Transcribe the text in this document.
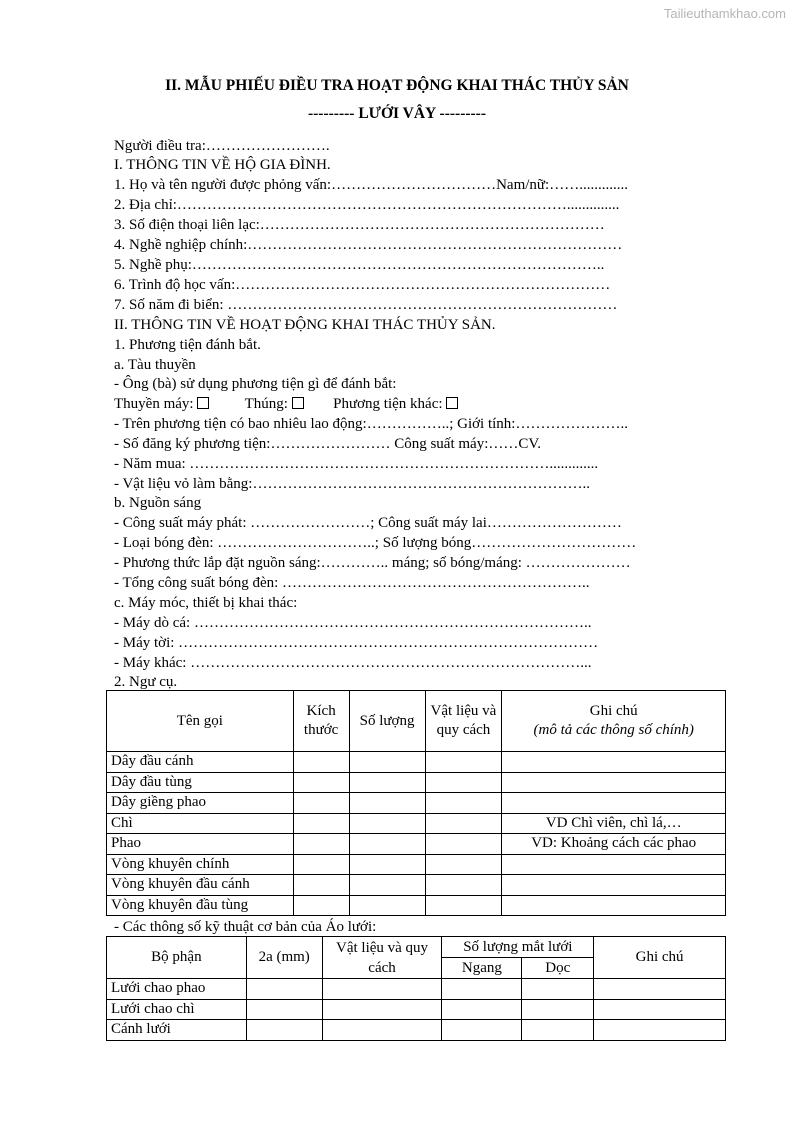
Tailieuthamkhao.com
II. MẪU PHIẾU ĐIỀU TRA HOẠT ĐỘNG KHAI THÁC THỦY SẢN
--------- LƯỚI VÂY ---------
Người điều tra:…………………….
I. THÔNG TIN VỀ HỘ GIA ĐÌNH.
1. Họ và tên người được phỏng vấn:……………………………Nam/nữ:…….............
2. Địa chỉ:……………………………………………………………………..............
3. Số điện thoại liên lạc:……………………………………………………………
4. Nghề nghiệp chính:…………………………………………………………………
5. Nghề phụ:………………………………………………………………………..
6. Trình độ học vấn:…………………………………………………………………
7. Số năm đi biển: ……………………………………………………………………
II. THÔNG TIN VỀ HOẠT ĐỘNG KHAI THÁC THỦY SẢN.
1. Phương tiện đánh bắt.
a. Tàu thuyền
- Ông (bà) sử dụng phương tiện gì để đánh bắt:
Thuyền máy:	Thúng:	Phương tiện khác:
- Trên phương tiện có bao nhiêu lao động:……………..; Giới tính:…………………..
- Số đăng ký phương tiện:…………………… Công suất máy:……CV.
- Năm mua: ……………………………………………………………….............
- Vật liệu vỏ làm bằng:…………………………………………………………..
b. Nguồn sáng
- Công suất máy phát: ……………………; Công suất máy lai………………………
- Loại bóng đèn: …………………………..; Số lượng bóng……………………………
- Phương thức lắp đặt nguồn sáng:………….. máng; số bóng/máng: …………………
- Tổng công suất bóng đèn: ……………………………………………………..
c. Máy móc, thiết bị khai thác:
- Máy dò cá: ……………………………………………………………………..
- Máy tời: …………………………………………………………………………
- Máy khác: ……………………………………………………………………...
2. Ngư cụ.
Tên gọi	Kích thước	Số lượng	Vật liệu và quy cách	Ghi chú
(mô tả các thông số chính)

Dây đầu cánh				
Dây đầu tùng				
Dây giềng phao				
Chì				VD Chì viên, chì lá,…
Phao				VD: Khoảng cách các phao
Vòng khuyên chính				
Vòng khuyên đầu cánh				
Vòng khuyên đầu tùng				
- Các thông số kỹ thuật cơ bản của Áo lưới:
Bộ phận	2a (mm)	Vật liệu và quy cách	Số lượng mắt lưới		Ghi chú
			Ngang	Dọc	
Lưới chao phao					
Lưới chao chì					
Cánh lưới					
